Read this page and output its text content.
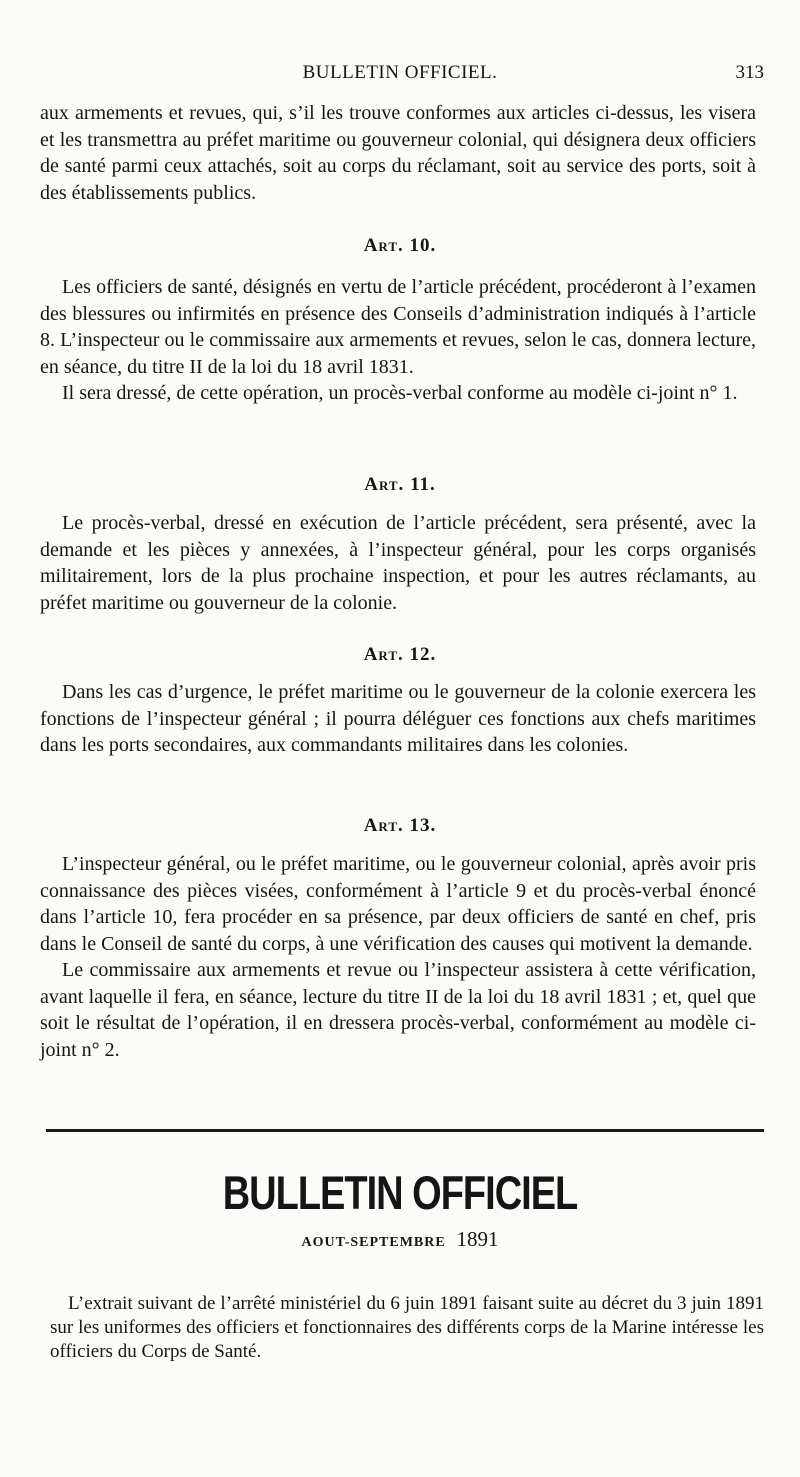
BULLETIN OFFICIEL.	313

aux armements et revues, qui, s’il les trouve conformes aux articles ci-dessus, les visera et les transmettra au préfet maritime ou gouverneur colonial, qui désignera deux officiers de santé parmi ceux attachés, soit au corps du réclamant, soit au service des ports, soit à des établissements publics.

Art. 10.

Les officiers de santé, désignés en vertu de l’article précédent, procéderont à l’examen des blessures ou infirmités en présence des Conseils d’administration indiqués à l’article 8. L’inspecteur ou le commissaire aux armements et revues, selon le cas, donnera lecture, en séance, du titre II de la loi du 18 avril 1831.

Il sera dressé, de cette opération, un procès-verbal conforme au modèle ci-joint n° 1.

Art. 11.

Le procès-verbal, dressé en exécution de l’article précédent, sera présenté, avec la demande et les pièces y annexées, à l’inspecteur général, pour les corps organisés militairement, lors de la plus prochaine inspection, et pour les autres réclamants, au préfet maritime ou gouverneur de la colonie.

Art. 12.

Dans les cas d’urgence, le préfet maritime ou le gouverneur de la colonie exercera les fonctions de l’inspecteur général ; il pourra déléguer ces fonctions aux chefs maritimes dans les ports secondaires, aux commandants militaires dans les colonies.

Art. 13.

L’inspecteur général, ou le préfet maritime, ou le gouverneur colonial, après avoir pris connaissance des pièces visées, conformément à l’article 9 et du procès-verbal énoncé dans l’article 10, fera procéder en sa présence, par deux officiers de santé en chef, pris dans le Conseil de santé du corps, à une vérification des causes qui motivent la demande.

Le commissaire aux armements et revue ou l’inspecteur assistera à cette vérification, avant laquelle il fera, en séance, lecture du titre II de la loi du 18 avril 1831 ; et, quel que soit le résultat de l’opération, il en dressera procès-verbal, conformément au modèle ci-joint n° 2.

BULLETIN OFFICIEL
AOUT-SEPTEMBRE 1891

L’extrait suivant de l’arrêté ministériel du 6 juin 1891 faisant suite au décret du 3 juin 1891 sur les uniformes des officiers et fonctionnaires des différents corps de la Marine intéresse les officiers du Corps de Santé.
